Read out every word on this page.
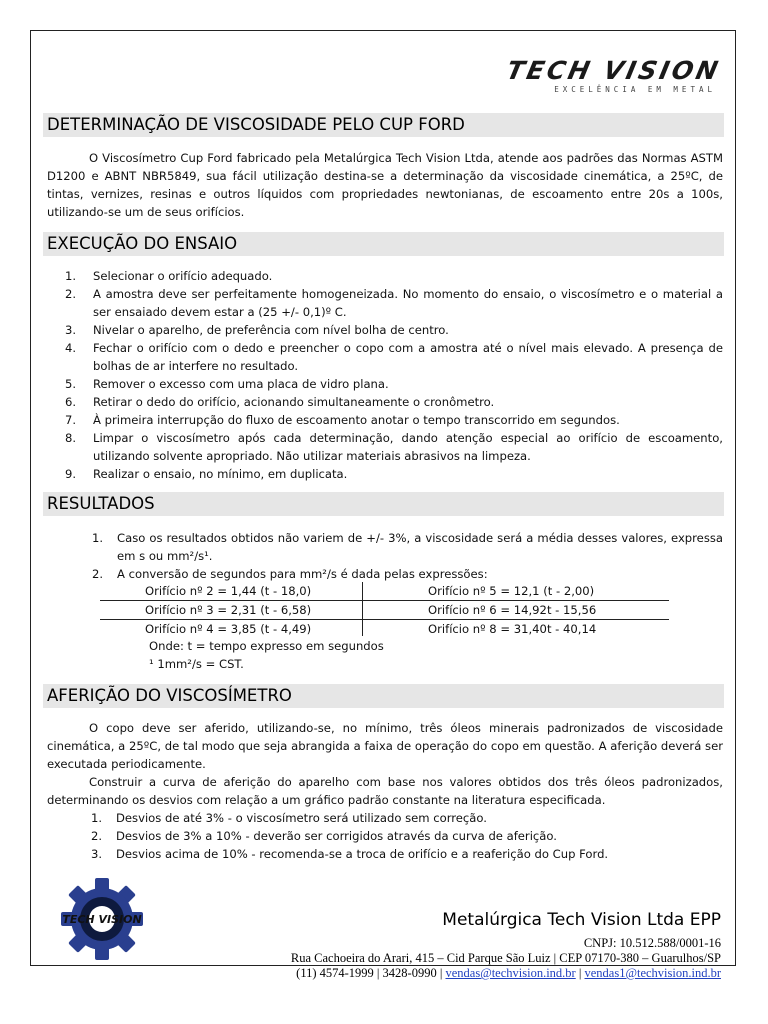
TECH VISION
EXCELÊNCIA EM METAL
DETERMINAÇÃO DE VISCOSIDADE PELO CUP FORD

O Viscosímetro Cup Ford fabricado pela Metalúrgica Tech Vision Ltda, atende aos padrões das Normas ASTM D1200 e ABNT NBR5849, sua fácil utilização destina-se a determinação da viscosidade cinemática, a 25ºC, de tintas, vernizes, resinas e outros líquidos com propriedades newtonianas, de escoamento entre 20s a 100s, utilizando-se um de seus orifícios.

EXECUÇÃO DO ENSAIO
1. Selecionar o orifício adequado.
2. A amostra deve ser perfeitamente homogeneizada. No momento do ensaio, o viscosímetro e o material a ser ensaiado devem estar a (25 +/- 0,1)º C.
3. Nivelar o aparelho, de preferência com nível bolha de centro.
4. Fechar o orifício com o dedo e preencher o copo com a amostra até o nível mais elevado. A presença de bolhas de ar interfere no resultado.
5. Remover o excesso com uma placa de vidro plana.
6. Retirar o dedo do orifício, acionando simultaneamente o cronômetro.
7. À primeira interrupção do fluxo de escoamento anotar o tempo transcorrido em segundos.
8. Limpar o viscosímetro após cada determinação, dando atenção especial ao orifício de escoamento, utilizando solvente apropriado. Não utilizar materiais abrasivos na limpeza.
9. Realizar o ensaio, no mínimo, em duplicata.
RESULTADOS
1. Caso os resultados obtidos não variem de +/- 3%, a viscosidade será a média desses valores, expressa em s ou mm²/s¹.
2. A conversão de segundos para mm²/s é dada pelas expressões:
Orifício nº 2 = 1,44 (t - 18,0)	Orifício nº 5 = 12,1 (t - 2,00)
Orifício nº 3 = 2,31 (t - 6,58)	Orifício nº 6 = 14,92t - 15,56
Orifício nº 4 = 3,85 (t - 4,49)	Orifício nº 8 = 31,40t - 40,14
Onde: t = tempo expresso em segundos
¹ 1mm²/s = CST.
AFERIÇÃO DO VISCOSÍMETRO

O copo deve ser aferido, utilizando-se, no mínimo, três óleos minerais padronizados de viscosidade cinemática, a 25ºC, de tal modo que seja abrangida a faixa de operação do copo em questão. A aferição deverá ser executada periodicamente.

Construir a curva de aferição do aparelho com base nos valores obtidos dos três óleos padronizados, determinando os desvios com relação a um gráfico padrão constante na literatura especificada.

1. Desvios de até 3% - o viscosímetro será utilizado sem correção.
2. Desvios de 3% a 10% - deverão ser corrigidos através da curva de aferição.
3. Desvios acima de 10% - recomenda-se a troca de orifício e a reaferição do Cup Ford.
TECH VISION	Metalúrgica Tech Vision Ltda EPP
CNPJ: 10.512.588/0001-16
Rua Cachoeira do Arari, 415 – Cid Parque São Luiz | CEP 07170-380 – Guarulhos/SP
(11) 4574-1999 | 3428-0990 | vendas@techvision.ind.br | vendas1@techvision.ind.br
